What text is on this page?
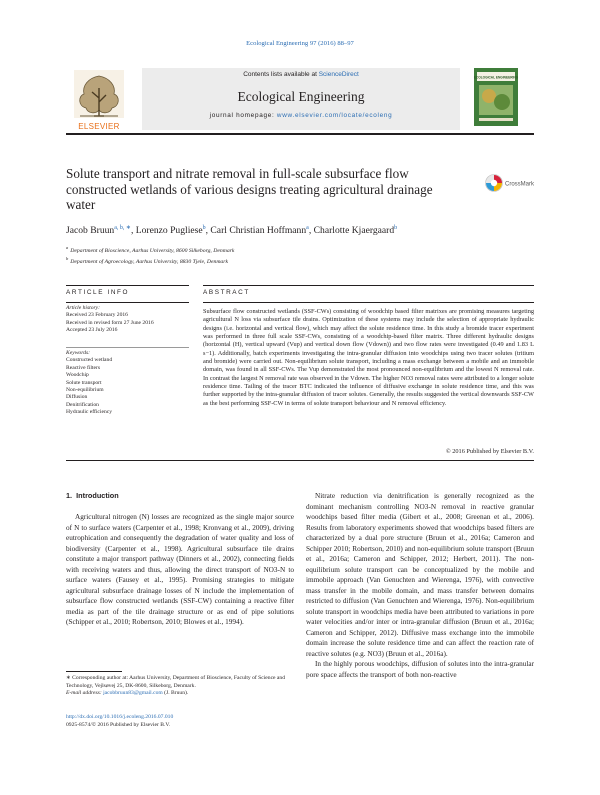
Ecological Engineering 97 (2016) 88–97
ELSEVIER
Contents lists available at ScienceDirect
Ecological Engineering
journal homepage: www.elsevier.com/locate/ecoleng
ECOLOGICAL ENGINEERING
Solute transport and nitrate removal in full-scale subsurface flow constructed wetlands of various designs treating agricultural drainage water
CrossMark
Jacob Bruun$^{a, b, ∗}$, Lorenzo Pugliese$^b$, Carl Christian Hoffmann$^a$, Charlotte Kjaergaard$^b$
$^a$Department of Bioscience, Aarhus University, 8600 Silkeborg, Denmark
$^b$Department of Agroecology, Aarhus University, 8830 Tjele, Denmark
ARTICLE INFO	ABSTRACT
Article history:
Received 23 February 2016
Received in revised form 27 June 2016
Accepted 23 July 2016
Keywords:
Constructed wetland
Reactive filters
Woodchip
Solute transport
Non-equilibrium
Diffusion
Denitrification
Hydraulic efficiency
Subsurface flow constructed wetlands (SSF-CWs) consisting of woodchip based filter matrixes are promising measures targeting agricultural N loss via subsurface tile drains. Optimization of these systems may include the selection of appropriate hydraulic designs (i.e. horizontal and vertical flow), which may affect the solute residence time. In this study a bromide tracer experiment was performed in three full scale SSF-CWs, consisting of a woodchip-based filter matrix. Three different hydraulic designs (horizontal (H), vertical upward (Vup) and vertical down flow (Vdown)) and two flow rates were investigated (0.49 and 1.83 L s−1). Additionally, batch experiments investigating the intra-granular diffusion into woodchips using two tracer solutes (tritium and bromide) were carried out. Non-equilibrium solute transport, including a mass exchange between a mobile and an immobile domain, was found in all SSF-CWs. The Vup demonstrated the most pronounced non-equilibrium and the lowest N removal rate. In contrast the largest N removal rate was observed in the Vdown. The higher NO3 removal rates were attributed to a longer solute residence time. Tailing of the tracer BTC indicated the influence of diffusive exchange in solute residence time, and this was further supported by the intra-granular diffusion of tracer solutes. Generally, the results suggested the vertical downwards SSF-CW as the best performing SSF-CW in terms of solute transport behaviour and N removal efficiency.
© 2016 Published by Elsevier B.V.
1. Introduction

Agricultural nitrogen (N) losses are recognized as the single major source of N to surface waters (Carpenter et al., 1998; Kronvang et al., 2009), driving eutrophication and consequently the degradation of water quality and loss of biodiversity (Carpenter et al., 1998). Agricultural subsurface tile drains constitute a major transport pathway (Dinners et al., 2002), connecting fields with receiving waters and thus, allowing the direct transport of NO3-N to surface waters (Fausey et al., 1995). Promising strategies to mitigate agricultural subsurface drainage losses of N include the implementation of subsurface flow constructed wetlands (SSF-CW) containing a reactive filter media as part of the tile drainage structure or as end of pipe solutions (Schipper et al., 2010; Robertson, 2010; Blowes et al., 1994).

Nitrate reduction via denitrification is generally recognized as the dominant mechanism controlling NO3-N removal in reactive granular woodchips based filter media (Gibert et al., 2008; Greenan et al., 2006). Results from laboratory experiments showed that woodchips based filters are characterized by a dual pore structure (Bruun et al., 2016a; Cameron and Schipper 2010; Robertson, 2010) and non-equilibrium solute transport (Bruun et al., 2016a; Cameron and Schipper, 2012; Herbert, 2011). The non-equilibrium solute transport can be conceptualized by the mobile and immobile approach (Van Genuchten and Wierenga, 1976), with convective mass transfer in the mobile domain, and mass transfer between domains restricted to diffusion (Van Genuchten and Wierenga, 1976). Non-equilibrium solute transport in woodchips media have been attributed to variations in pore water velocities and/or inter or intra-granular diffusion (Bruun et al., 2016a; Cameron and Schipper, 2012). Diffusive mass exchange into the immobile domain increase the solute residence time and can affect the reaction rate of reactive solutes (e.g. NO3) (Bruun et al., 2016a).

In the highly porous woodchips, diffusion of solutes into the intra-granular pore space affects the transport of both non-reactive

∗ Corresponding author at: Aarhus University, Department of Bioscience, Faculty of Science and Technology, Vejlsøvej 25, DK-8600, Silkeborg, Denmark.
E-mail address: jacobbruun83@gmail.com (J. Bruun).
http://dx.doi.org/10.1016/j.ecoleng.2016.07.010
0925-8574/© 2016 Published by Elsevier B.V.
